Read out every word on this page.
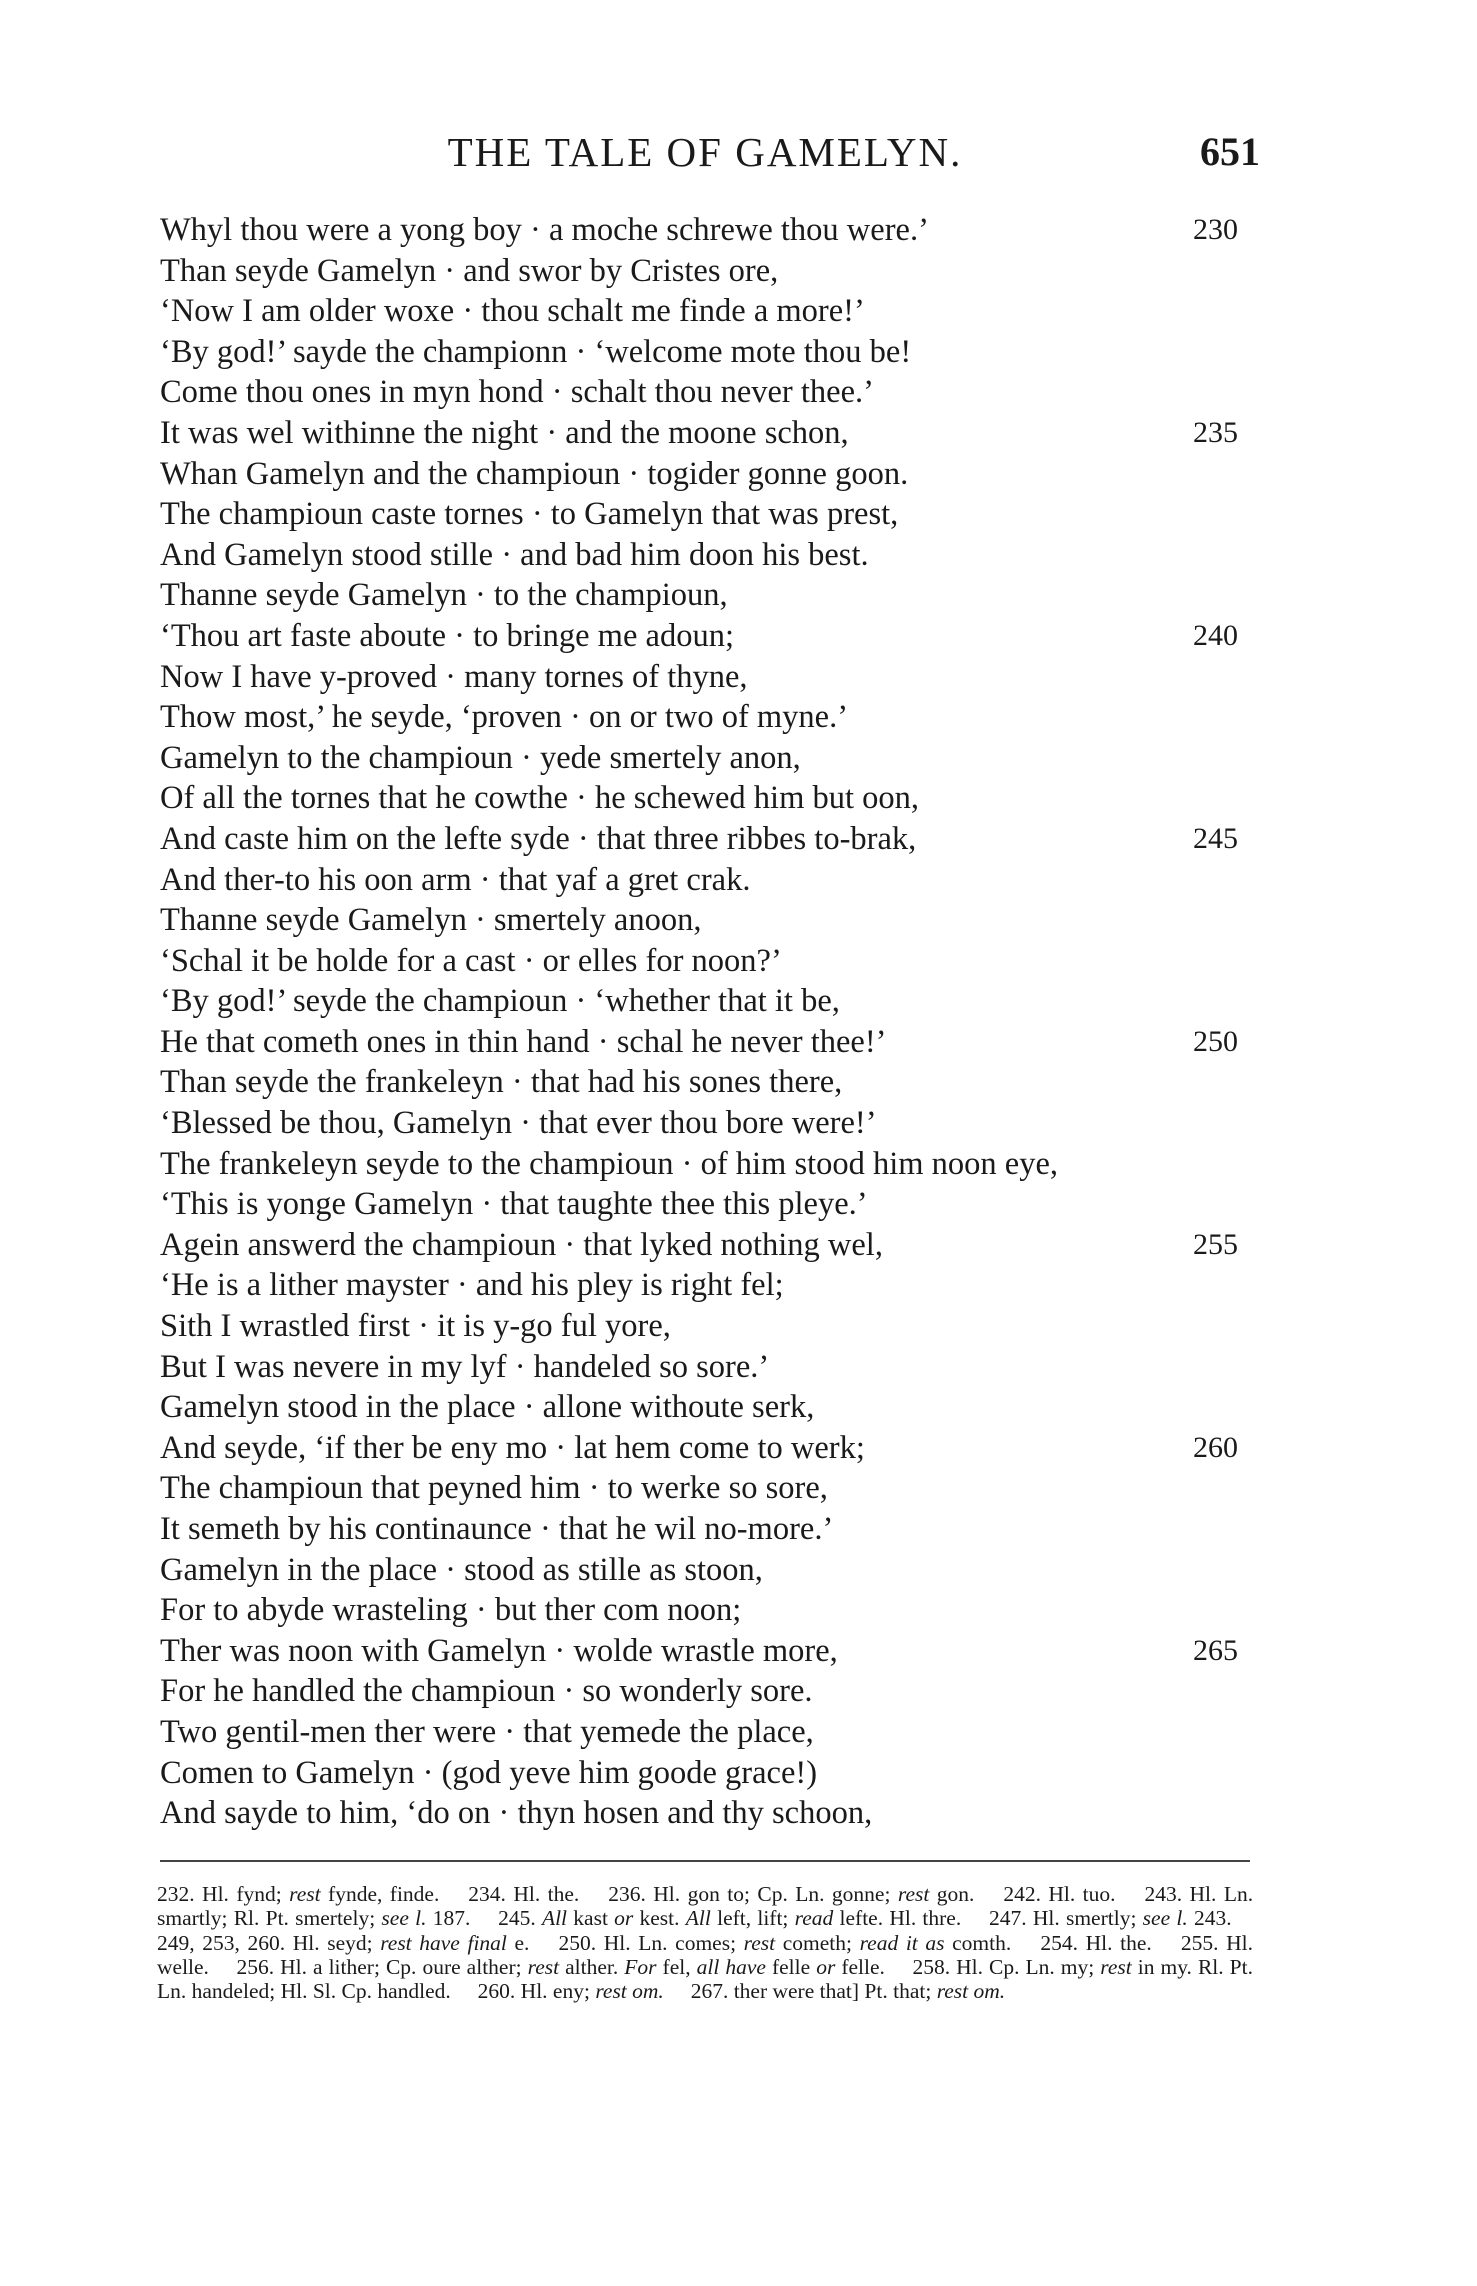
THE TALE OF GAMELYN.	651
Whyl thou were a yong boy · a moche schrewe thou were.’	230
Than seyde Gamelyn · and swor by Cristes ore,
‘Now I am older woxe · thou schalt me finde a more!’
‘By god!’ sayde the championn · ‘welcome mote thou be!
Come thou ones in myn hond · schalt thou never thee.’
It was wel withinne the night · and the moone schon,	235
Whan Gamelyn and the champioun · togider gonne goon.
The champioun caste tornes · to Gamelyn that was prest,
And Gamelyn stood stille · and bad him doon his best.
Thanne seyde Gamelyn · to the champioun,
‘Thou art faste aboute · to bringe me adoun;	240
Now I have y-proved · many tornes of thyne,
Thow most,’ he seyde, ‘proven · on or two of myne.’
Gamelyn to the champioun · yede smertely anon,
Of all the tornes that he cowthe · he schewed him but oon,
And caste him on the lefte syde · that three ribbes to-brak,	245
And ther-to his oon arm · that yaf a gret crak.
Thanne seyde Gamelyn · smertely anoon,
‘Schal it be holde for a cast · or elles for noon?’
‘By god!’ seyde the champioun · ‘whether that it be,
He that cometh ones in thin hand · schal he never thee!’	250
Than seyde the frankeleyn · that had his sones there,
‘Blessed be thou, Gamelyn · that ever thou bore were!’
The frankeleyn seyde to the champioun · of him stood him noon eye,
‘This is yonge Gamelyn · that taughte thee this pleye.’
Agein answerd the champioun · that lyked nothing wel,	255
‘He is a lither mayster · and his pley is right fel;
Sith I wrastled first · it is y-go ful yore,
But I was nevere in my lyf · handeled so sore.’
Gamelyn stood in the place · allone withoute serk,
And seyde, ‘if ther be eny mo · lat hem come to werk;	260
The champioun that peyned him · to werke so sore,
It semeth by his continaunce · that he wil no-more.’
Gamelyn in the place · stood as stille as stoon,
For to abyde wrasteling · but ther com noon;
Ther was noon with Gamelyn · wolde wrastle more,	265
For he handled the champioun · so wonderly sore.
Two gentil-men ther were · that yemede the place,
Comen to Gamelyn · (god yeve him goode grace!)
And sayde to him, ‘do on · thyn hosen and thy schoon,
232. Hl. fynd; rest fynde, finde.  234. Hl. the.  236. Hl. gon to; Cp. Ln. gonne; rest gon.  242. Hl. tuo.  243. Hl. Ln. smartly; Rl. Pt. smertely; see l. 187.  245. All kast or kest. All left, lift; read lefte. Hl. thre.  247. Hl. smertly; see l. 243.  249, 253, 260. Hl. seyd; rest have final e.  250. Hl. Ln. comes; rest cometh; read it as comth.  254. Hl. the.  255. Hl. welle.  256. Hl. a lither; Cp. oure alther; rest alther. For fel, all have felle or felle.  258. Hl. Cp. Ln. my; rest in my. Rl. Pt. Ln. handeled; Hl. Sl. Cp. handled.  260. Hl. eny; rest om.  267. ther were that] Pt. that; rest om. 
